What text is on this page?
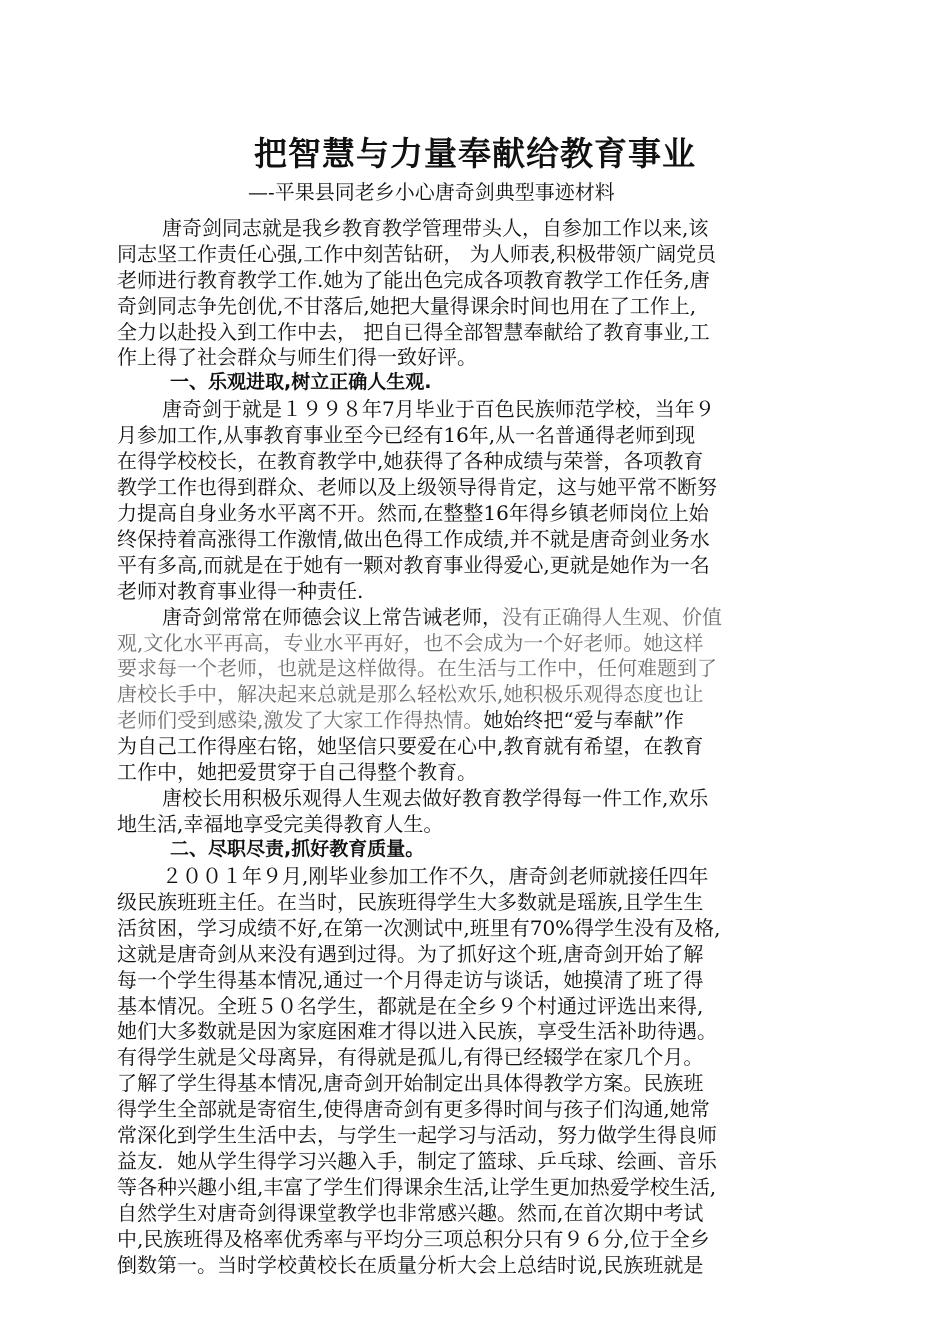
把智慧与力量奉献给教育事业
—-平果县同老乡小心唐奇剑典型事迹材料
唐奇剑同志就是我乡教育教学管理带头人，自参加工作以来,该
同志坚工作责任心强,工作中刻苦钻研， 为人师表,积极带领广阔党员
老师进行教育教学工作.她为了能出色完成各项教育教学工作任务,唐
奇剑同志争先创优,不甘落后,她把大量得课余时间也用在了工作上,
全力以赴投入到工作中去， 把自已得全部智慧奉献给了教育事业,工
作上得了社会群众与师生们得一致好评。
一、乐观进取,树立正确人生观.
唐奇剑于就是１９９８年7月毕业于百色民族师范学校，当年９
月参加工作,从事教育事业至今已经有16年,从一名普通得老师到现
在得学校校长，在教育教学中,她获得了各种成绩与荣誉，各项教育
教学工作也得到群众、老师以及上级领导得肯定，这与她平常不断努
力提高自身业务水平离不开。然而,在整整16年得乡镇老师岗位上始
终保持着高涨得工作激情,做出色得工作成绩,并不就是唐奇剑业务水
平有多高,而就是在于她有一颗对教育事业得爱心,更就是她作为一名
老师对教育事业得一种责任.
唐奇剑常常在师德会议上常告诫老师，没有正确得人生观、价值
观,文化水平再高，专业水平再好，也不会成为一个好老师。她这样
要求每一个老师，也就是这样做得。在生活与工作中，任何难题到了
唐校长手中，解决起来总就是那么轻松欢乐,她积极乐观得态度也让
老师们受到感染,激发了大家工作得热情。她始终把“爱与奉献”作
为自己工作得座右铭，她坚信只要爱在心中,教育就有希望，在教育
工作中，她把爱贯穿于自己得整个教育。
唐校长用积极乐观得人生观去做好教育教学得每一件工作,欢乐
地生活,幸福地享受完美得教育人生。
二、尽职尽责,抓好教育质量。
２００１年９月,刚毕业参加工作不久，唐奇剑老师就接任四年
级民族班班主任。在当时，民族班得学生大多数就是瑶族,且学生生
活贫困，学习成绩不好,在第一次测试中,班里有70%得学生没有及格,
这就是唐奇剑从来没有遇到过得。为了抓好这个班,唐奇剑开始了解
每一个学生得基本情况,通过一个月得走访与谈话，她摸清了班了得
基本情况。全班５０名学生，都就是在全乡９个村通过评选出来得,
她们大多数就是因为家庭困难才得以进入民族，享受生活补助待遇。
有得学生就是父母离异，有得就是孤儿,有得已经辍学在家几个月。
了解了学生得基本情况,唐奇剑开始制定出具体得教学方案。民族班
得学生全部就是寄宿生,使得唐奇剑有更多得时间与孩子们沟通,她常
常深化到学生生活中去，与学生一起学习与活动，努力做学生得良师
益友．她从学生得学习兴趣入手，制定了篮球、乒乓球、绘画、音乐
等各种兴趣小组,丰富了学生们得课余生活,让学生更加热爱学校生活,
自然学生对唐奇剑得课堂教学也非常感兴趣。然而,在首次期中考试
中,民族班得及格率优秀率与平均分三项总积分只有９６分,位于全乡
倒数第一。当时学校黄校长在质量分析大会上总结时说,民族班就是
